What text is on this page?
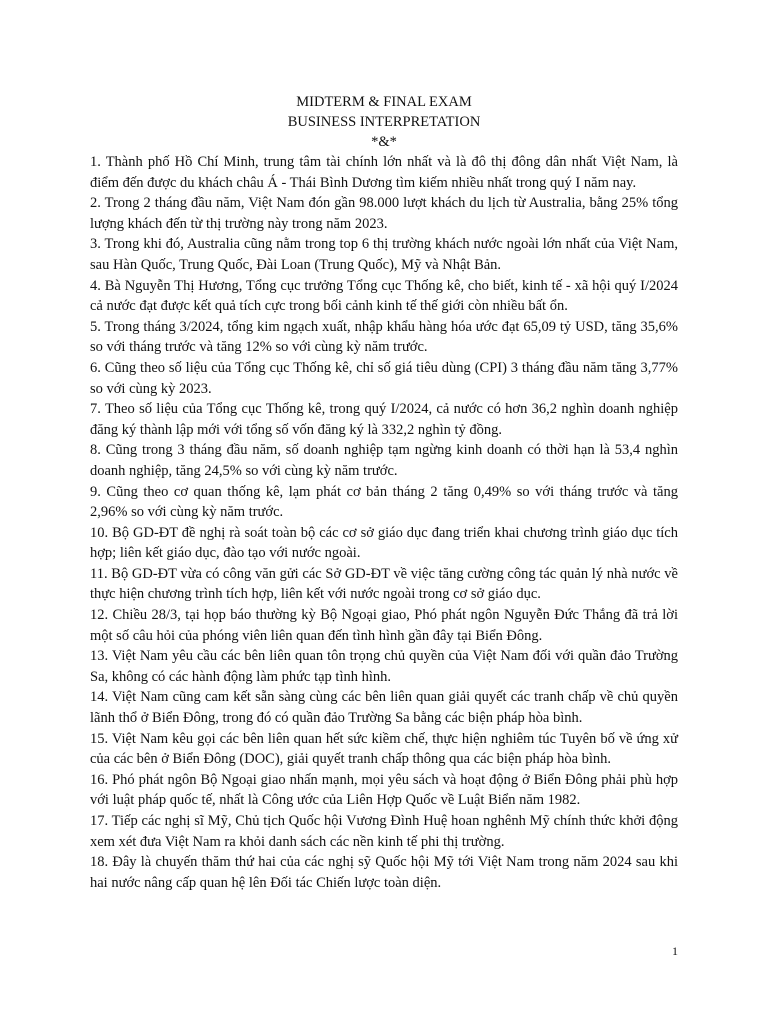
MIDTERM & FINAL EXAM
BUSINESS INTERPRETATION
*&*

1. Thành phố Hồ Chí Minh, trung tâm tài chính lớn nhất và là đô thị đông dân nhất Việt Nam, là điểm đến được du khách châu Á - Thái Bình Dương tìm kiếm nhiều nhất trong quý I năm nay.

2. Trong 2 tháng đầu năm, Việt Nam đón gần 98.000 lượt khách du lịch từ Australia, bằng 25% tổng lượng khách đến từ thị trường này trong năm 2023.

3. Trong khi đó, Australia cũng nằm trong top 6 thị trường khách nước ngoài lớn nhất của Việt Nam, sau Hàn Quốc, Trung Quốc, Đài Loan (Trung Quốc), Mỹ và Nhật Bản.

4. Bà Nguyễn Thị Hương, Tổng cục trưởng Tổng cục Thống kê, cho biết, kinh tế - xã hội quý I/2024 cả nước đạt được kết quả tích cực trong bối cảnh kinh tế thế giới còn nhiều bất ổn.

5. Trong tháng 3/2024, tổng kim ngạch xuất, nhập khẩu hàng hóa ước đạt 65,09 tỷ USD, tăng 35,6% so với tháng trước và tăng 12% so với cùng kỳ năm trước.

6. Cũng theo số liệu của Tổng cục Thống kê, chỉ số giá tiêu dùng (CPI) 3 tháng đầu năm tăng 3,77% so với cùng kỳ 2023.

7. Theo số liệu của Tổng cục Thống kê, trong quý I/2024, cả nước có hơn 36,2 nghìn doanh nghiệp đăng ký thành lập mới với tổng số vốn đăng ký là 332,2 nghìn tỷ đồng.

8. Cũng trong 3 tháng đầu năm, số doanh nghiệp tạm ngừng kinh doanh có thời hạn là 53,4 nghìn doanh nghiệp, tăng 24,5% so với cùng kỳ năm trước.

9. Cũng theo cơ quan thống kê, lạm phát cơ bản tháng 2 tăng 0,49% so với tháng trước và tăng 2,96% so với cùng kỳ năm trước.

10. Bộ GD-ĐT đề nghị rà soát toàn bộ các cơ sở giáo dục đang triển khai chương trình giáo dục tích hợp; liên kết giáo dục, đào tạo với nước ngoài.

11. Bộ GD-ĐT vừa có công văn gửi các Sở GD-ĐT về việc tăng cường công tác quản lý nhà nước về thực hiện chương trình tích hợp, liên kết với nước ngoài trong cơ sở giáo dục.

12. Chiều 28/3, tại họp báo thường kỳ Bộ Ngoại giao, Phó phát ngôn Nguyễn Đức Thắng đã trả lời một số câu hỏi của phóng viên liên quan đến tình hình gần đây tại Biển Đông.

13. Việt Nam yêu cầu các bên liên quan tôn trọng chủ quyền của Việt Nam đối với quần đảo Trường Sa, không có các hành động làm phức tạp tình hình.

14. Việt Nam cũng cam kết sẵn sàng cùng các bên liên quan giải quyết các tranh chấp về chủ quyền lãnh thổ ở Biển Đông, trong đó có quần đảo Trường Sa bằng các biện pháp hòa bình.

15. Việt Nam kêu gọi các bên liên quan hết sức kiềm chế, thực hiện nghiêm túc Tuyên bố về ứng xử của các bên ở Biển Đông (DOC), giải quyết tranh chấp thông qua các biện pháp hòa bình.

16. Phó phát ngôn Bộ Ngoại giao nhấn mạnh, mọi yêu sách và hoạt động ở Biển Đông phải phù hợp với luật pháp quốc tế, nhất là Công ước của Liên Hợp Quốc về Luật Biển năm 1982.

17. Tiếp các nghị sĩ Mỹ, Chủ tịch Quốc hội Vương Đình Huệ hoan nghênh Mỹ chính thức khởi động xem xét đưa Việt Nam ra khỏi danh sách các nền kinh tế phi thị trường.

18. Đây là chuyến thăm thứ hai của các nghị sỹ Quốc hội Mỹ tới Việt Nam trong năm 2024 sau khi hai nước nâng cấp quan hệ lên Đối tác Chiến lược toàn diện.

1
